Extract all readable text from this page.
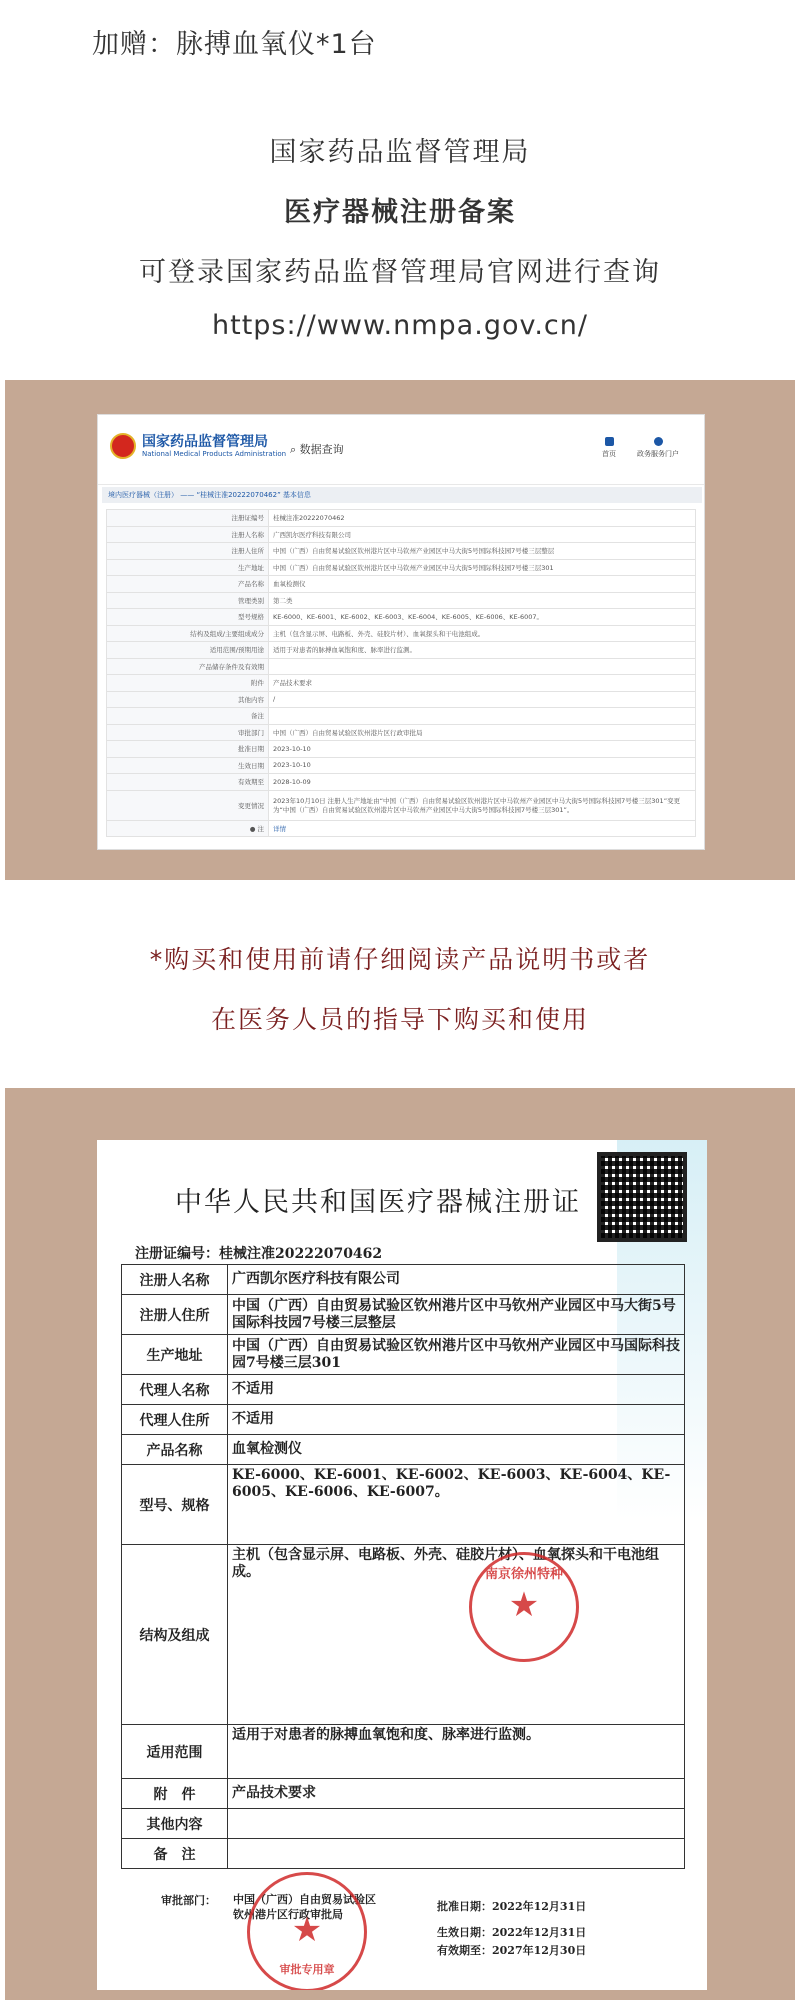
加赠：脉搏血氧仪*1台
国家药品监督管理局
医疗器械注册备案
可登录国家药品监督管理局官网进行查询
https://www.nmpa.gov.cn/
国家药品监督管理局
National Medical Products Administration ⌕ 数据查询	首页	政务服务门户
境内医疗器械（注册） —— “桂械注准20222070462” 基本信息
注册证编号	桂械注准20222070462
注册人名称	广西凯尔医疗科技有限公司
注册人住所	中国（广西）自由贸易试验区钦州港片区中马钦州产业园区中马大街5号国际科技园7号楼三层整层
生产地址	中国（广西）自由贸易试验区钦州港片区中马钦州产业园区中马大街5号国际科技园7号楼三层301
产品名称	血氧检测仪
管理类别	第二类
型号规格	KE-6000、KE-6001、KE-6002、KE-6003、KE-6004、KE-6005、KE-6006、KE-6007。
结构及组成/主要组成成分	主机（包含显示屏、电路板、外壳、硅胶片材）、血氧探头和干电池组成。
适用范围/预期用途	适用于对患者的脉搏血氧饱和度、脉率进行监测。
产品储存条件及有效期	
附件	产品技术要求
其他内容	/
备注	
审批部门	中国（广西）自由贸易试验区钦州港片区行政审批局
批准日期	2023-10-10
生效日期	2023-10-10
有效期至	2028-10-09
变更情况	2023年10月10日 注册人生产地址由“中国（广西）自由贸易试验区钦州港片区中马钦州产业园区中马大街5号国际科技园7号楼三层301”变更为“中国（广西）自由贸易试验区钦州港片区中马钦州产业园区中马大街5号国际科技园7号楼三层301”。
● 注	详情
*购买和使用前请仔细阅读产品说明书或者
在医务人员的指导下购买和使用
中华人民共和国医疗器械注册证
注册证编号：桂械注准20222070462
注册人名称	广西凯尔医疗科技有限公司
注册人住所	中国（广西）自由贸易试验区钦州港片区中马钦州产业园区中马大街5号国际科技园7号楼三层整层
生产地址	中国（广西）自由贸易试验区钦州港片区中马钦州产业园区中马国际科技园7号楼三层301
代理人名称	不适用
代理人住所	不适用
产品名称	血氧检测仪
型号、规格	KE-6000、KE-6001、KE-6002、KE-6003、KE-6004、KE-6005、KE-6006、KE-6007。
结构及组成	主机（包含显示屏、电路板、外壳、硅胶片材）、血氧探头和干电池组成。
适用范围	适用于对患者的脉搏血氧饱和度、脉率进行监测。
附　件	产品技术要求
其他内容	
备　注	
南京徐州特种
★
审批部门： 中国（广西）自由贸易试验区钦州港片区行政审批局
批准日期：2022年12月31日
生效日期：2022年12月31日
有效期至：2027年12月30日
★
审批专用章
